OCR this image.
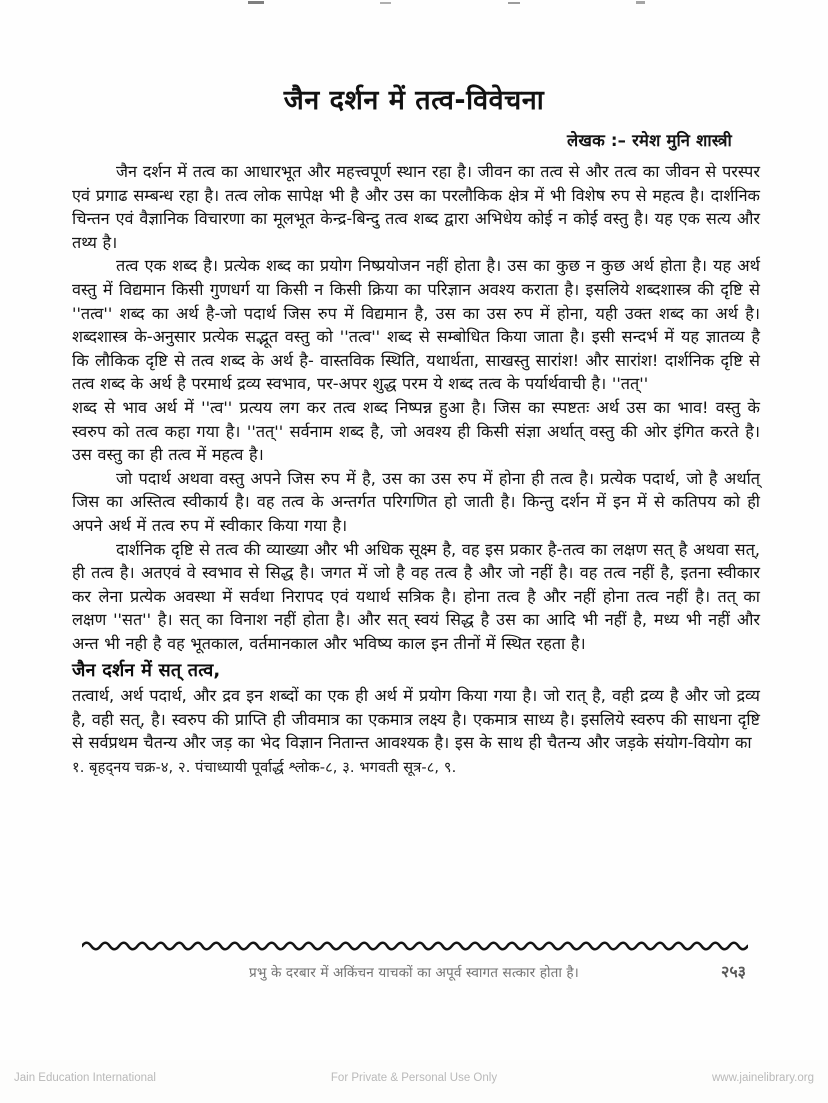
जैन दर्शन में तत्व-विवेचना
लेखक :– रमेश मुनि शास्त्री

जैन दर्शन में तत्व का आधारभूत और महत्त्वपूर्ण स्थान रहा है। जीवन का तत्व से और तत्व का जीवन से परस्पर एवं प्रगाढ सम्बन्ध रहा है। तत्व लोक सापेक्ष भी है और उस का परलौकिक क्षेत्र में भी विशेष रुप से महत्व है। दार्शनिक चिन्तन एवं वैज्ञानिक विचारणा का मूलभूत केन्द्र-बिन्दु तत्व शब्द द्वारा अभिधेय कोई न कोई वस्तु है। यह एक सत्य और तथ्य है।

तत्व एक शब्द है। प्रत्येक शब्द का प्रयोग निष्प्रयोजन नहीं होता है। उस का कुछ न कुछ अर्थ होता है। यह अर्थ वस्तु में विद्यमान किसी गुणधर्ग या किसी न किसी क्रिया का परिज्ञान अवश्य कराता है। इसलिये शब्दशास्त्र की दृष्टि से ''तत्व'' शब्द का अर्थ है-जो पदार्थ जिस रुप में विद्यमान है, उस का उस रुप में होना, यही उक्त शब्द का अर्थ है। शब्दशास्त्र के-अनुसार प्रत्येक सद्भूत वस्तु को ''तत्व'' शब्द से सम्बोधित किया जाता है। इसी सन्दर्भ में यह ज्ञातव्य है कि लौकिक दृष्टि से तत्व शब्द के अर्थ है- वास्तविक स्थिति, यथार्थता, साखस्तु सारांश! और सारांश! दार्शनिक दृष्टि से तत्व शब्द के अर्थ है परमार्थ द्रव्य स्वभाव, पर-अपर शुद्ध परम ये शब्द तत्व के पर्यार्थवाची है। ''तत्''

शब्द से भाव अर्थ में ''त्व'' प्रत्यय लग कर तत्व शब्द निष्पन्न हुआ है। जिस का स्पष्टतः अर्थ उस का भाव! वस्तु के स्वरुप को तत्व कहा गया है। ''तत्'' सर्वनाम शब्द है, जो अवश्य ही किसी संज्ञा अर्थात् वस्तु की ओर इंगित करते है। उस वस्तु का ही तत्व में महत्व है।

जो पदार्थ अथवा वस्तु अपने जिस रुप में है, उस का उस रुप में होना ही तत्व है। प्रत्येक पदार्थ, जो है अर्थात् जिस का अस्तित्व स्वीकार्य है। वह तत्व के अन्तर्गत परिगणित हो जाती है। किन्तु दर्शन में इन में से कतिपय को ही अपने अर्थ में तत्व रुप में स्वीकार किया गया है।

दार्शनिक दृष्टि से तत्व की व्याख्या और भी अधिक सूक्ष्म है, वह इस प्रकार है-तत्व का लक्षण सत् है अथवा सत्, ही तत्व है। अतएवं वे स्वभाव से सिद्ध है। जगत में जो है वह तत्व है और जो नहीं है। वह तत्व नहीं है, इतना स्वीकार कर लेना प्रत्येक अवस्था में सर्वथा निरापद एवं यथार्थ सत्रिक है। होना तत्व है और नहीं होना तत्व नहीं है। तत् का लक्षण ''सत'' है। सत् का विनाश नहीं होता है। और सत् स्वयं सिद्ध है उस का आदि भी नहीं है, मध्य भी नहीं और अन्त भी नही है वह भूतकाल, वर्तमानकाल और भविष्य काल इन तीनों में स्थित रहता है।

जैन दर्शन में सत् तत्व,

तत्वार्थ, अर्थ पदार्थ, और द्रव इन शब्दों का एक ही अर्थ में प्रयोग किया गया है। जो रात् है, वही द्रव्य है और जो द्रव्य है, वही सत्, है। स्वरुप की प्राप्ति ही जीवमात्र का एकमात्र लक्ष्य है। एकमात्र साध्य है। इसलिये स्वरुप की साधना दृष्टि से सर्वप्रथम चैतन्य और जड़ का भेद विज्ञान नितान्त आवश्यक है। इस के साथ ही चैतन्य और जड़के संयोग-वियोग का

१. बृहद्नय चक्र-४, २. पंचाध्यायी पूर्वार्द्ध श्लोक-८, ३. भगवती सूत्र-८, ९.
प्रभु के दरबार में अकिंचन याचकों का अपूर्व स्वागत सत्कार होता है।	२५३
Jain Education International	For Private & Personal Use Only	www.jainelibrary.org
